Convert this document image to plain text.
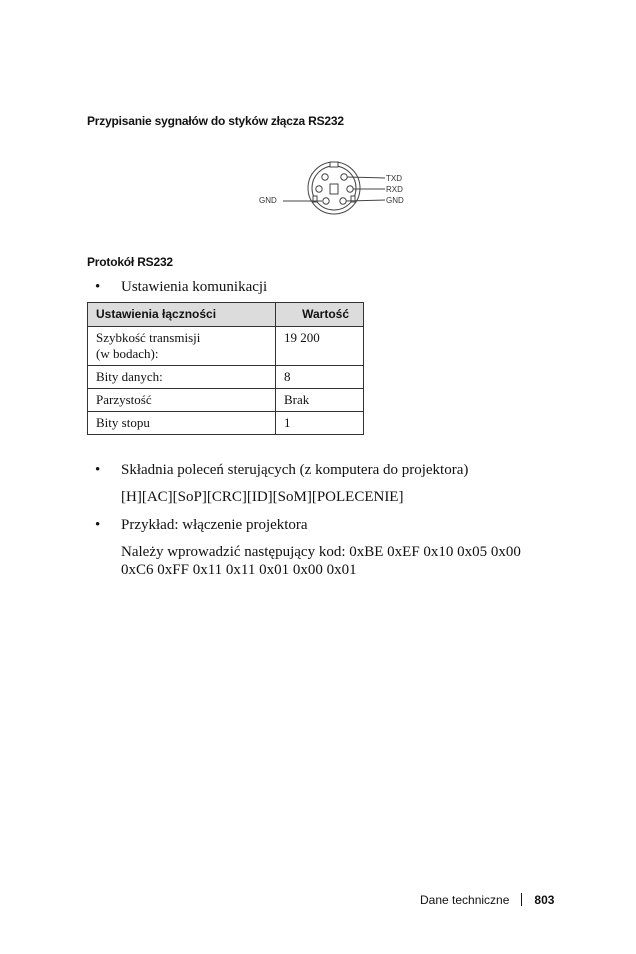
Przypisanie sygnałów do styków złącza RS232
GND
TXD
RXD
GND
Protokół RS232
• Ustawienia komunikacji
Ustawienia łączności	Wartość
Szybkość transmisji
(w bodach):	19 200
Bity danych:	8
Parzystość	Brak
Bity stopu	1
• Składnia poleceń sterujących (z komputera do projektora)
[H][AC][SoP][CRC][ID][SoM][POLECENIE]
• Przykład: włączenie projektora
Należy wprowadzić następujący kod: 0xBE 0xEF 0x10 0x05 0x00
0xC6 0xFF 0x11 0x11 0x01 0x00 0x01
Dane techniczne 803
